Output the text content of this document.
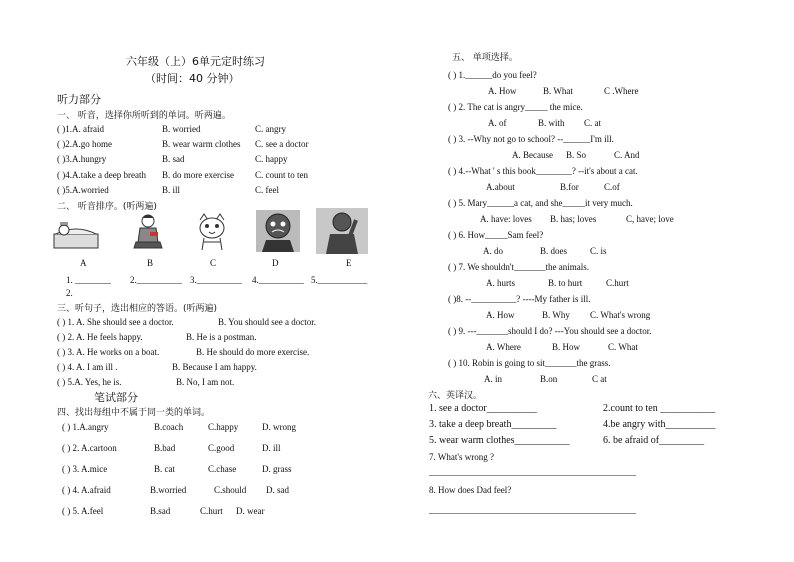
六年级（上）6单元定时练习
（时间：40 分钟）
听力部分
一、 听音，选择你所听到的单词。听两遍。
( )1.A. afraid	B. worried	C. angry
( )2.A.go home	B. wear warm clothes C. see a doctor
( )3.A.hungry	B. sad	C. happy
( )4.A.take a deep breath B. do more exercise C. count to ten
( )5.A.worried	B. ill	C. feel
二、 听音排序。(听两遍)
A	B	C	D	E
1. ________ 2.__________ 3.__________ 4.__________ 5.___________
2.
三、听句子，选出相应的答语。(听两遍)
( ) 1. A. She should see a doctor.	B. You should see a doctor.
( ) 2. A. He feels happy.	B. He is a postman.
( ) 3. A. He works on a boat.	B. He should do more exercise.
( ) 4. A. I am ill .	B. Because I am happy.
( ) 5.A. Yes, he is.	B. No, I am not.
笔试部分
四、找出每组中不属于同一类的单词。
( ) 1.A.angry	B.coach	C.happy	D. wrong
( ) 2. A.cartoon	B.bad	C.good	D. ill
( ) 3. A.mice	B. cat	C.chase	D. grass
( ) 4. A.afraid	B.worried	C.should D. sad
( ) 5. A.feel	B.sad	C.hurt D. wear
五、 单项选择。
( ) 1.______do you feel?
A. How	B. What	C .Where
( ) 2. The cat is angry_____ the mice.
A. of	B. with C. at
( ) 3. --Why not go to school? --______I'm ill.
A. Because B. So	C. And
( ) 4.--What ' s this book________? --it's about a cat.
A.about	B.for	C.of
( ) 5. Mary______a cat, and she_____it very much.
A. have: loves B. has; loves	C, have; love
( ) 6. How_____Sam feel?
A. do	B. does	C. is
( ) 7. We shouldn't_______the animals.
A. hurts	B. to hurt	C.hurt
( )8. --__________? ----My father is ill.
A. How	B. Why C. What's wrong
( ) 9. ---_______should I do? ---You should see a doctor.
A. Where	B. How	C. What
( ) 10. Robin is going to sit_______the grass.
A. in	B.on	C at
六、英译汉。
1. see a doctor__________	2.count to ten ___________
3. take a deep breath_________	4.be angry with__________
5. wear warm clothes___________	6. be afraid of_________
7. What's wrong ?
______________________________________________
8. How does Dad feel?
______________________________________________
